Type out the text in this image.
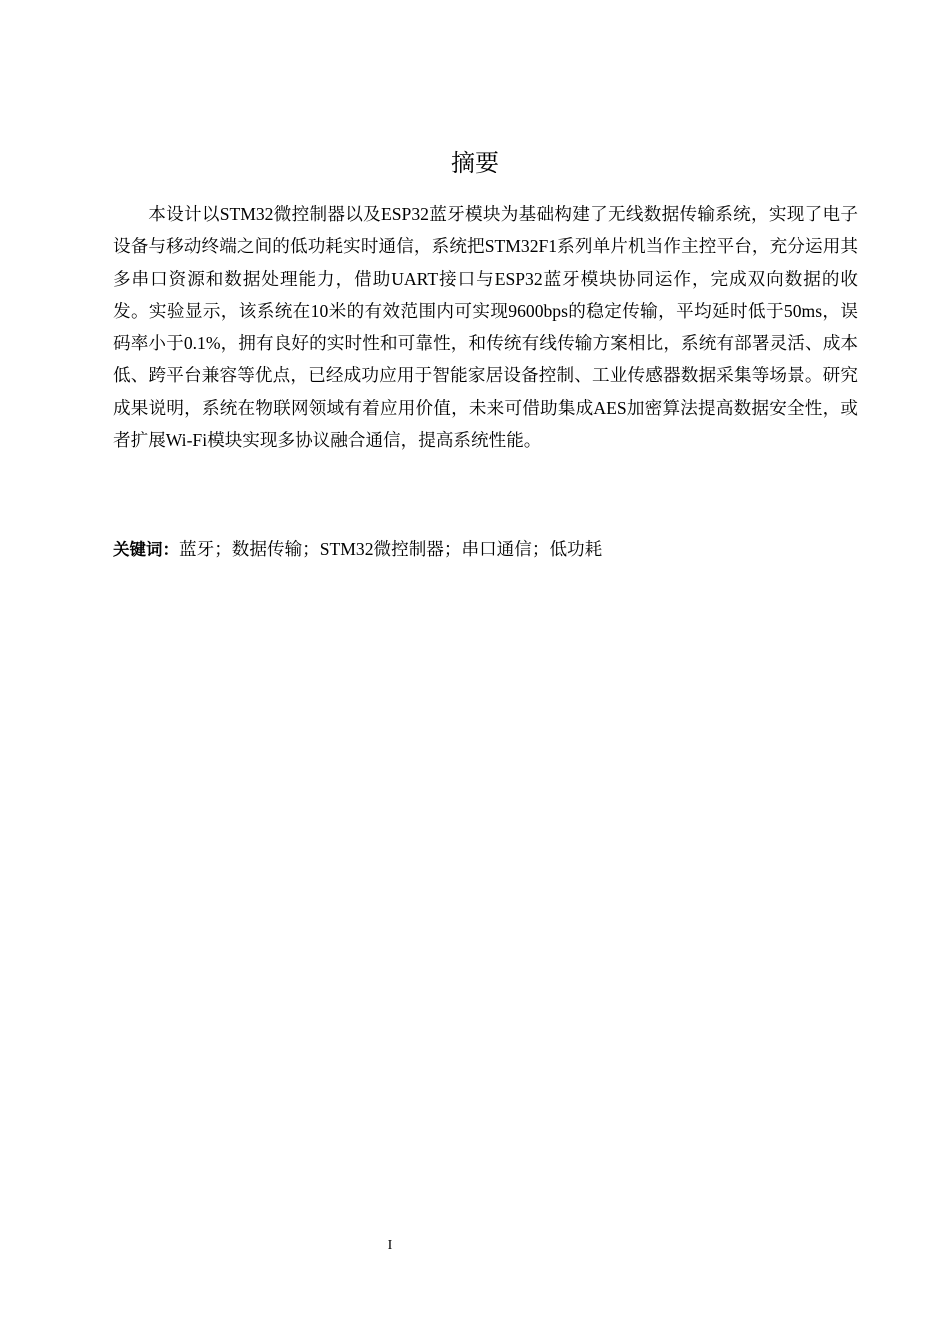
摘要

本设计以STM32微控制器以及ESP32蓝牙模块为基础构建了无线数据传输系统，实现了电子设备与移动终端之间的低功耗实时通信，系统把STM32F1系列单片机当作主控平台，充分运用其多串口资源和数据处理能力，借助UART接口与ESP32蓝牙模块协同运作，完成双向数据的收发。实验显示，该系统在10米的有效范围内可实现9600bps的稳定传输，平均延时低于50ms，误码率小于0.1%，拥有良好的实时性和可靠性，和传统有线传输方案相比，系统有部署灵活、成本低、跨平台兼容等优点，已经成功应用于智能家居设备控制、工业传感器数据采集等场景。研究成果说明，系统在物联网领域有着应用价值，未来可借助集成AES加密算法提高数据安全性，或者扩展Wi-Fi模块实现多协议融合通信，提高系统性能。

关键词：蓝牙；数据传输；STM32微控制器；串口通信；低功耗

I
